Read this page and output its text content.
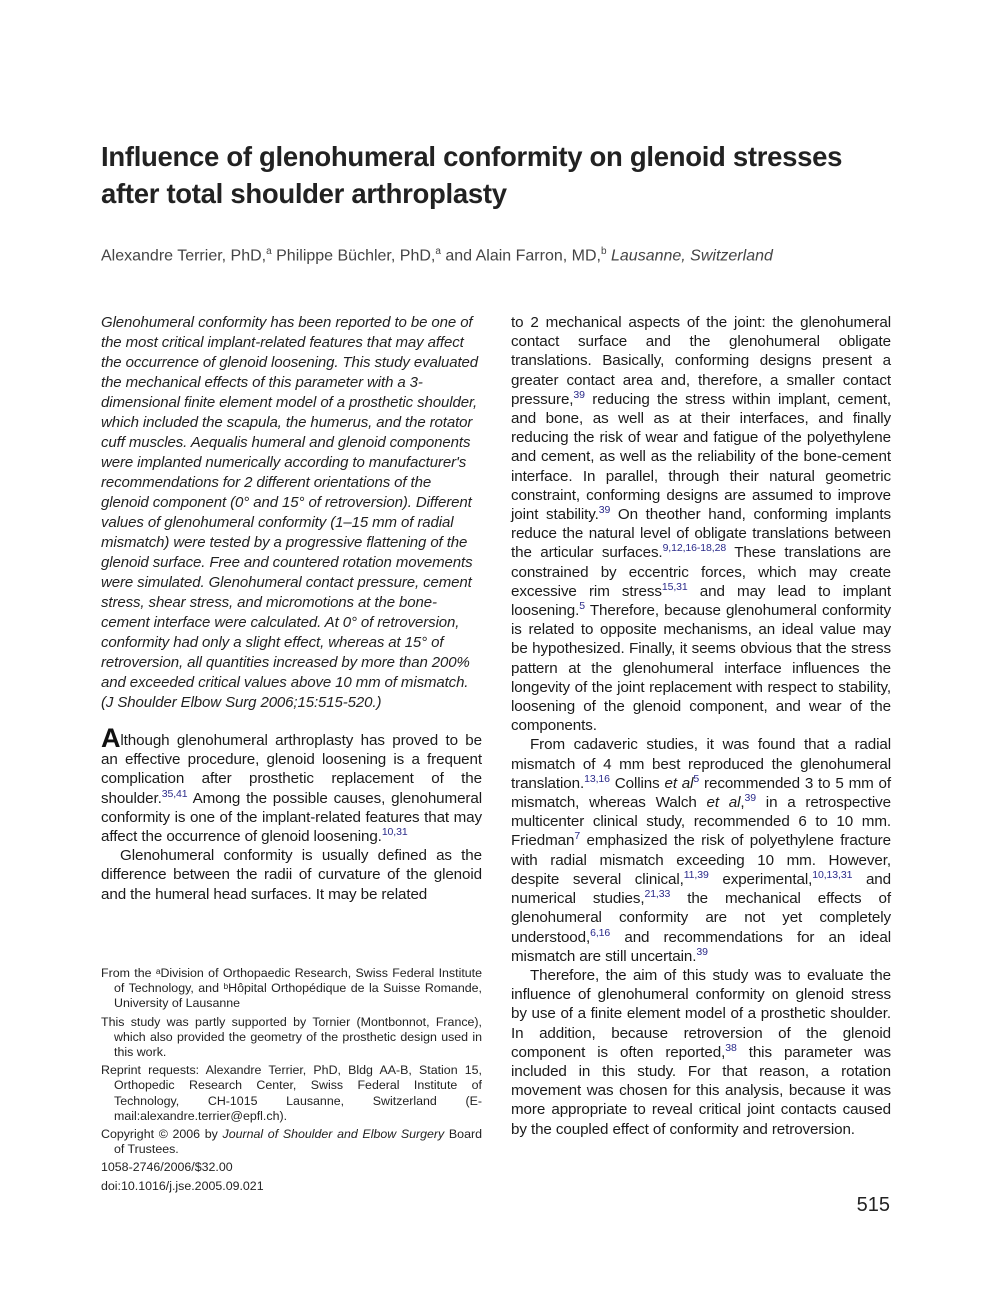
Influence of glenohumeral conformity on glenoid stresses after total shoulder arthroplasty
Alexandre Terrier, PhD,$^a$ Philippe Büchler, PhD,$^a$ and Alain Farron, MD,$^b$ Lausanne, Switzerland

Glenohumeral conformity has been reported to be one of the most critical implant-related features that may affect the occurrence of glenoid loosening. This study evaluated the mechanical effects of this parameter with a 3-dimensional finite element model of a prosthetic shoulder, which included the scapula, the humerus, and the rotator cuff muscles. Aequalis humeral and glenoid components were implanted numerically according to manufacturer's recommendations for 2 different orientations of the glenoid component (0° and 15° of retroversion). Different values of glenohumeral conformity (1–15 mm of radial mismatch) were tested by a progressive flattening of the glenoid surface. Free and countered rotation movements were simulated. Glenohumeral contact pressure, cement stress, shear stress, and micromotions at the bone-cement interface were calculated. At 0° of retroversion, conformity had only a slight effect, whereas at 15° of retroversion, all quantities increased by more than 200% and exceeded critical values above 10 mm of mismatch. (J Shoulder Elbow Surg 2006;15:515-520.)

Although glenohumeral arthroplasty has proved to be an effective procedure, glenoid loosening is a frequent complication after prosthetic replacement of the shoulder.$^{35,41}$ Among the possible causes, glenohumeral conformity is one of the implant-related features that may affect the occurrence of glenoid loosening.$^{10,31}$

Glenohumeral conformity is usually defined as the difference between the radii of curvature of the glenoid and the humeral head surfaces. It may be related

From the ᵃDivision of Orthopaedic Research, Swiss Federal Institute of Technology, and ᵇHôpital Orthopédique de la Suisse Romande, University of Lausanne

This study was partly supported by Tornier (Montbonnot, France), which also provided the geometry of the prosthetic design used in this work.

Reprint requests: Alexandre Terrier, PhD, Bldg AA-B, Station 15, Orthopedic Research Center, Swiss Federal Institute of Technology, CH-1015 Lausanne, Switzerland (E-mail:alexandre.terrier@epfl.ch).

Copyright © 2006 by Journal of Shoulder and Elbow Surgery Board of Trustees.

1058-2746/2006/$32.00

doi:10.1016/j.jse.2005.09.021

to 2 mechanical aspects of the joint: the glenohumeral contact surface and the glenohumeral obligate translations. Basically, conforming designs present a greater contact area and, therefore, a smaller contact pressure,$^{39}$ reducing the stress within implant, cement, and bone, as well as at their interfaces, and finally reducing the risk of wear and fatigue of the polyethylene and cement, as well as the reliability of the bone-cement interface. In parallel, through their natural geometric constraint, conforming designs are assumed to improve joint stability.$^{39}$ On theother hand, conforming implants reduce the natural level of obligate translations between the articular surfaces.$^{9,12,16-18,28}$ These translations are constrained by eccentric forces, which may create excessive rim stress$^{15,31}$ and may lead to implant loosening.$^5$ Therefore, because glenohumeral conformity is related to opposite mechanisms, an ideal value may be hypothesized. Finally, it seems obvious that the stress pattern at the glenohumeral interface influences the longevity of the joint replacement with respect to stability, loosening of the glenoid component, and wear of the components.

From cadaveric studies, it was found that a radial mismatch of 4 mm best reproduced the glenohumeral translation.$^{13,16}$ Collins et al$^5$ recommended 3 to 5 mm of mismatch, whereas Walch et al,$^{39}$ in a retrospective multicenter clinical study, recommended 6 to 10 mm. Friedman$^7$ emphasized the risk of polyethylene fracture with radial mismatch exceeding 10 mm. However, despite several clinical,$^{11,39}$ experimental,$^{10,13,31}$ and numerical studies,$^{21,33}$ the mechanical effects of glenohumeral conformity are not yet completely understood,$^{6,16}$ and recommendations for an ideal mismatch are still uncertain.$^{39}$

Therefore, the aim of this study was to evaluate the influence of glenohumeral conformity on glenoid stress by use of a finite element model of a prosthetic shoulder. In addition, because retroversion of the glenoid component is often reported,$^{38}$ this parameter was included in this study. For that reason, a rotation movement was chosen for this analysis, because it was more appropriate to reveal critical joint contacts caused by the coupled effect of conformity and retroversion.

515
